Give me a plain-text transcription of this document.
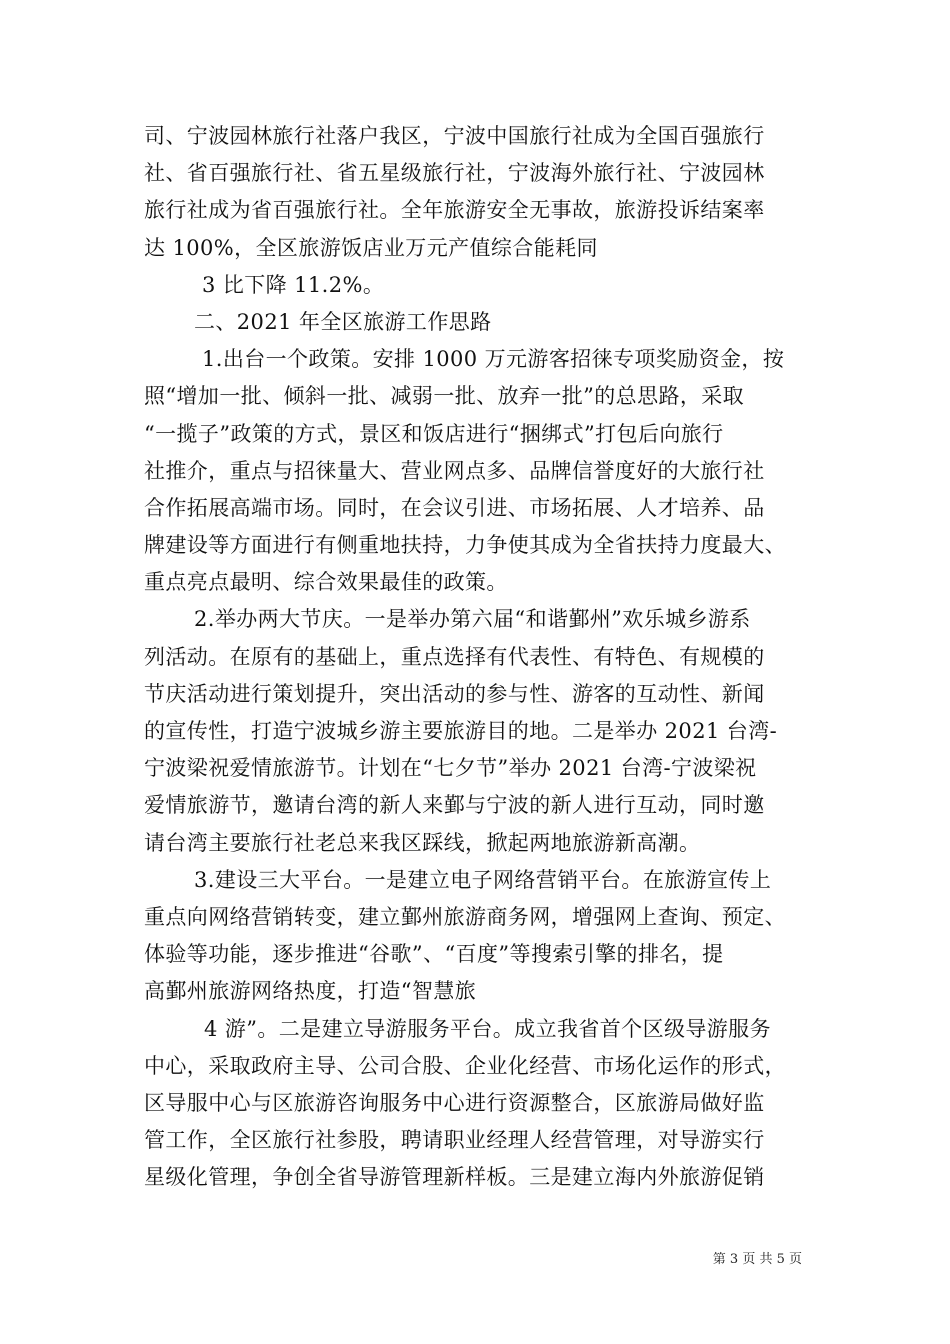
司、宁波园林旅行社落户我区，宁波中国旅行社成为全国百强旅行
社、省百强旅行社、省五星级旅行社，宁波海外旅行社、宁波园林
旅行社成为省百强旅行社。全年旅游安全无事故，旅游投诉结案率
达 100%，全区旅游饭店业万元产值综合能耗同
3 比下降 11.2%。
二、2021 年全区旅游工作思路
1.出台一个政策。安排 1000 万元游客招徕专项奖励资金，按
照“增加一批、倾斜一批、减弱一批、放弃一批”的总思路，采取
“一揽子”政策的方式，景区和饭店进行“捆绑式”打包后向旅行
社推介，重点与招徕量大、营业网点多、品牌信誉度好的大旅行社
合作拓展高端市场。同时，在会议引进、市场拓展、人才培养、品
牌建设等方面进行有侧重地扶持，力争使其成为全省扶持力度最大、
重点亮点最明、综合效果最佳的政策。
2.举办两大节庆。一是举办第六届“和谐鄞州”欢乐城乡游系
列活动。在原有的基础上，重点选择有代表性、有特色、有规模的
节庆活动进行策划提升，突出活动的参与性、游客的互动性、新闻
的宣传性，打造宁波城乡游主要旅游目的地。二是举办 2021 台湾-
宁波梁祝爱情旅游节。计划在“七夕节”举办 2021 台湾-宁波梁祝
爱情旅游节，邀请台湾的新人来鄞与宁波的新人进行互动，同时邀
请台湾主要旅行社老总来我区踩线，掀起两地旅游新高潮。
3.建设三大平台。一是建立电子网络营销平台。在旅游宣传上
重点向网络营销转变，建立鄞州旅游商务网，增强网上查询、预定、
体验等功能，逐步推进“谷歌”、“百度”等搜索引擎的排名，提
高鄞州旅游网络热度，打造“智慧旅
4 游”。二是建立导游服务平台。成立我省首个区级导游服务
中心，采取政府主导、公司合股、企业化经营、市场化运作的形式，
区导服中心与区旅游咨询服务中心进行资源整合，区旅游局做好监
管工作，全区旅行社参股，聘请职业经理人经营管理，对导游实行
星级化管理，争创全省导游管理新样板。三是建立海内外旅游促销
第 3 页 共 5 页
